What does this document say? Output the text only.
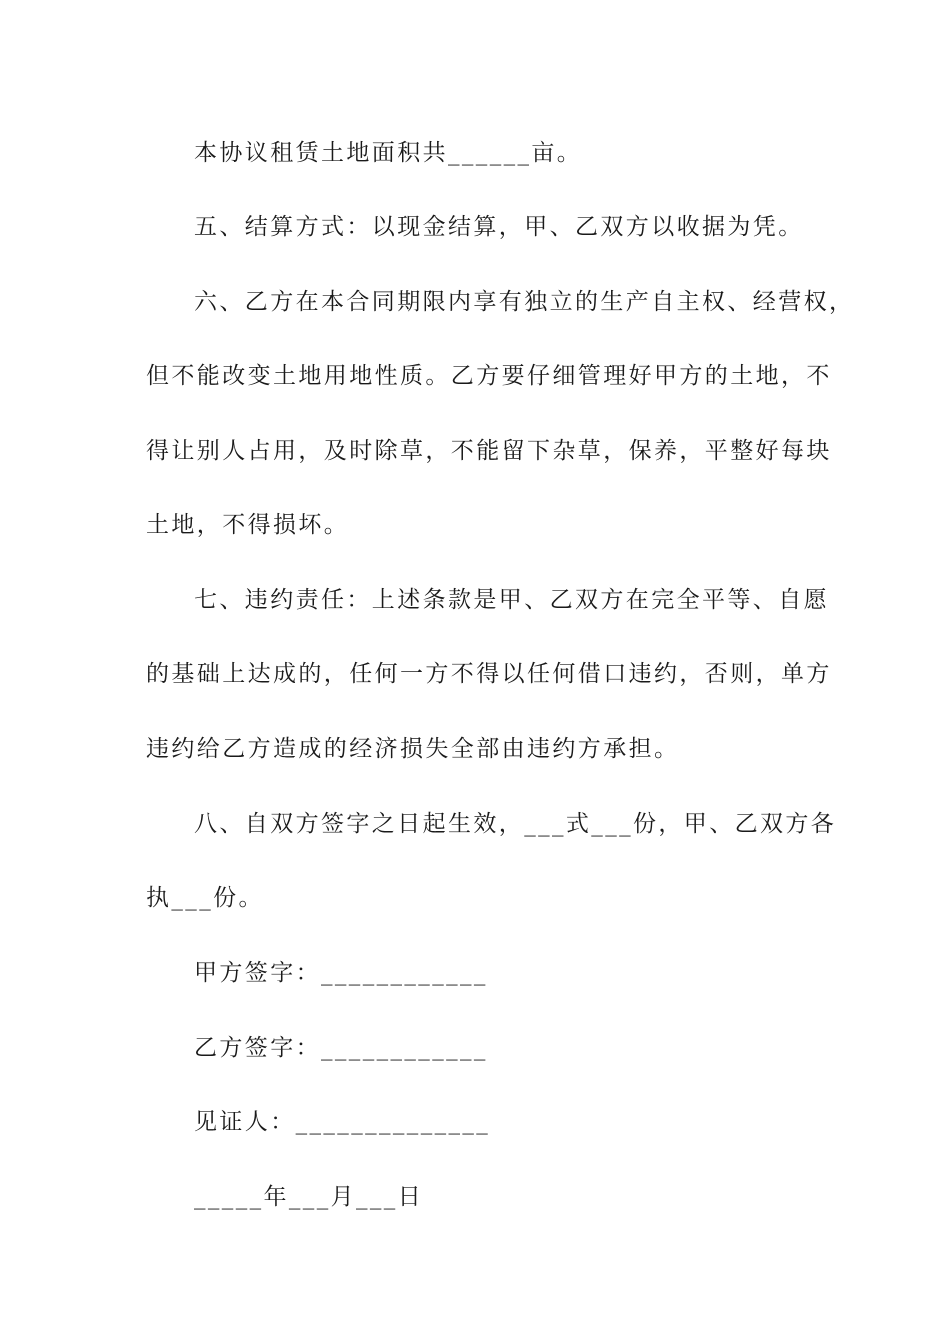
本协议租赁土地面积共______亩。
五、结算方式：以现金结算，甲、乙双方以收据为凭。
六、乙方在本合同期限内享有独立的生产自主权、经营权，
但不能改变土地用地性质。乙方要仔细管理好甲方的土地，不
得让别人占用，及时除草，不能留下杂草，保养，平整好每块
土地，不得损坏。
七、违约责任：上述条款是甲、乙双方在完全平等、自愿
的基础上达成的，任何一方不得以任何借口违约，否则，单方
违约给乙方造成的经济损失全部由违约方承担。
八、自双方签字之日起生效，___式___份，甲、乙双方各
执___份。
甲方签字：____________
乙方签字：____________
见证人：______________
_____年___月___日
